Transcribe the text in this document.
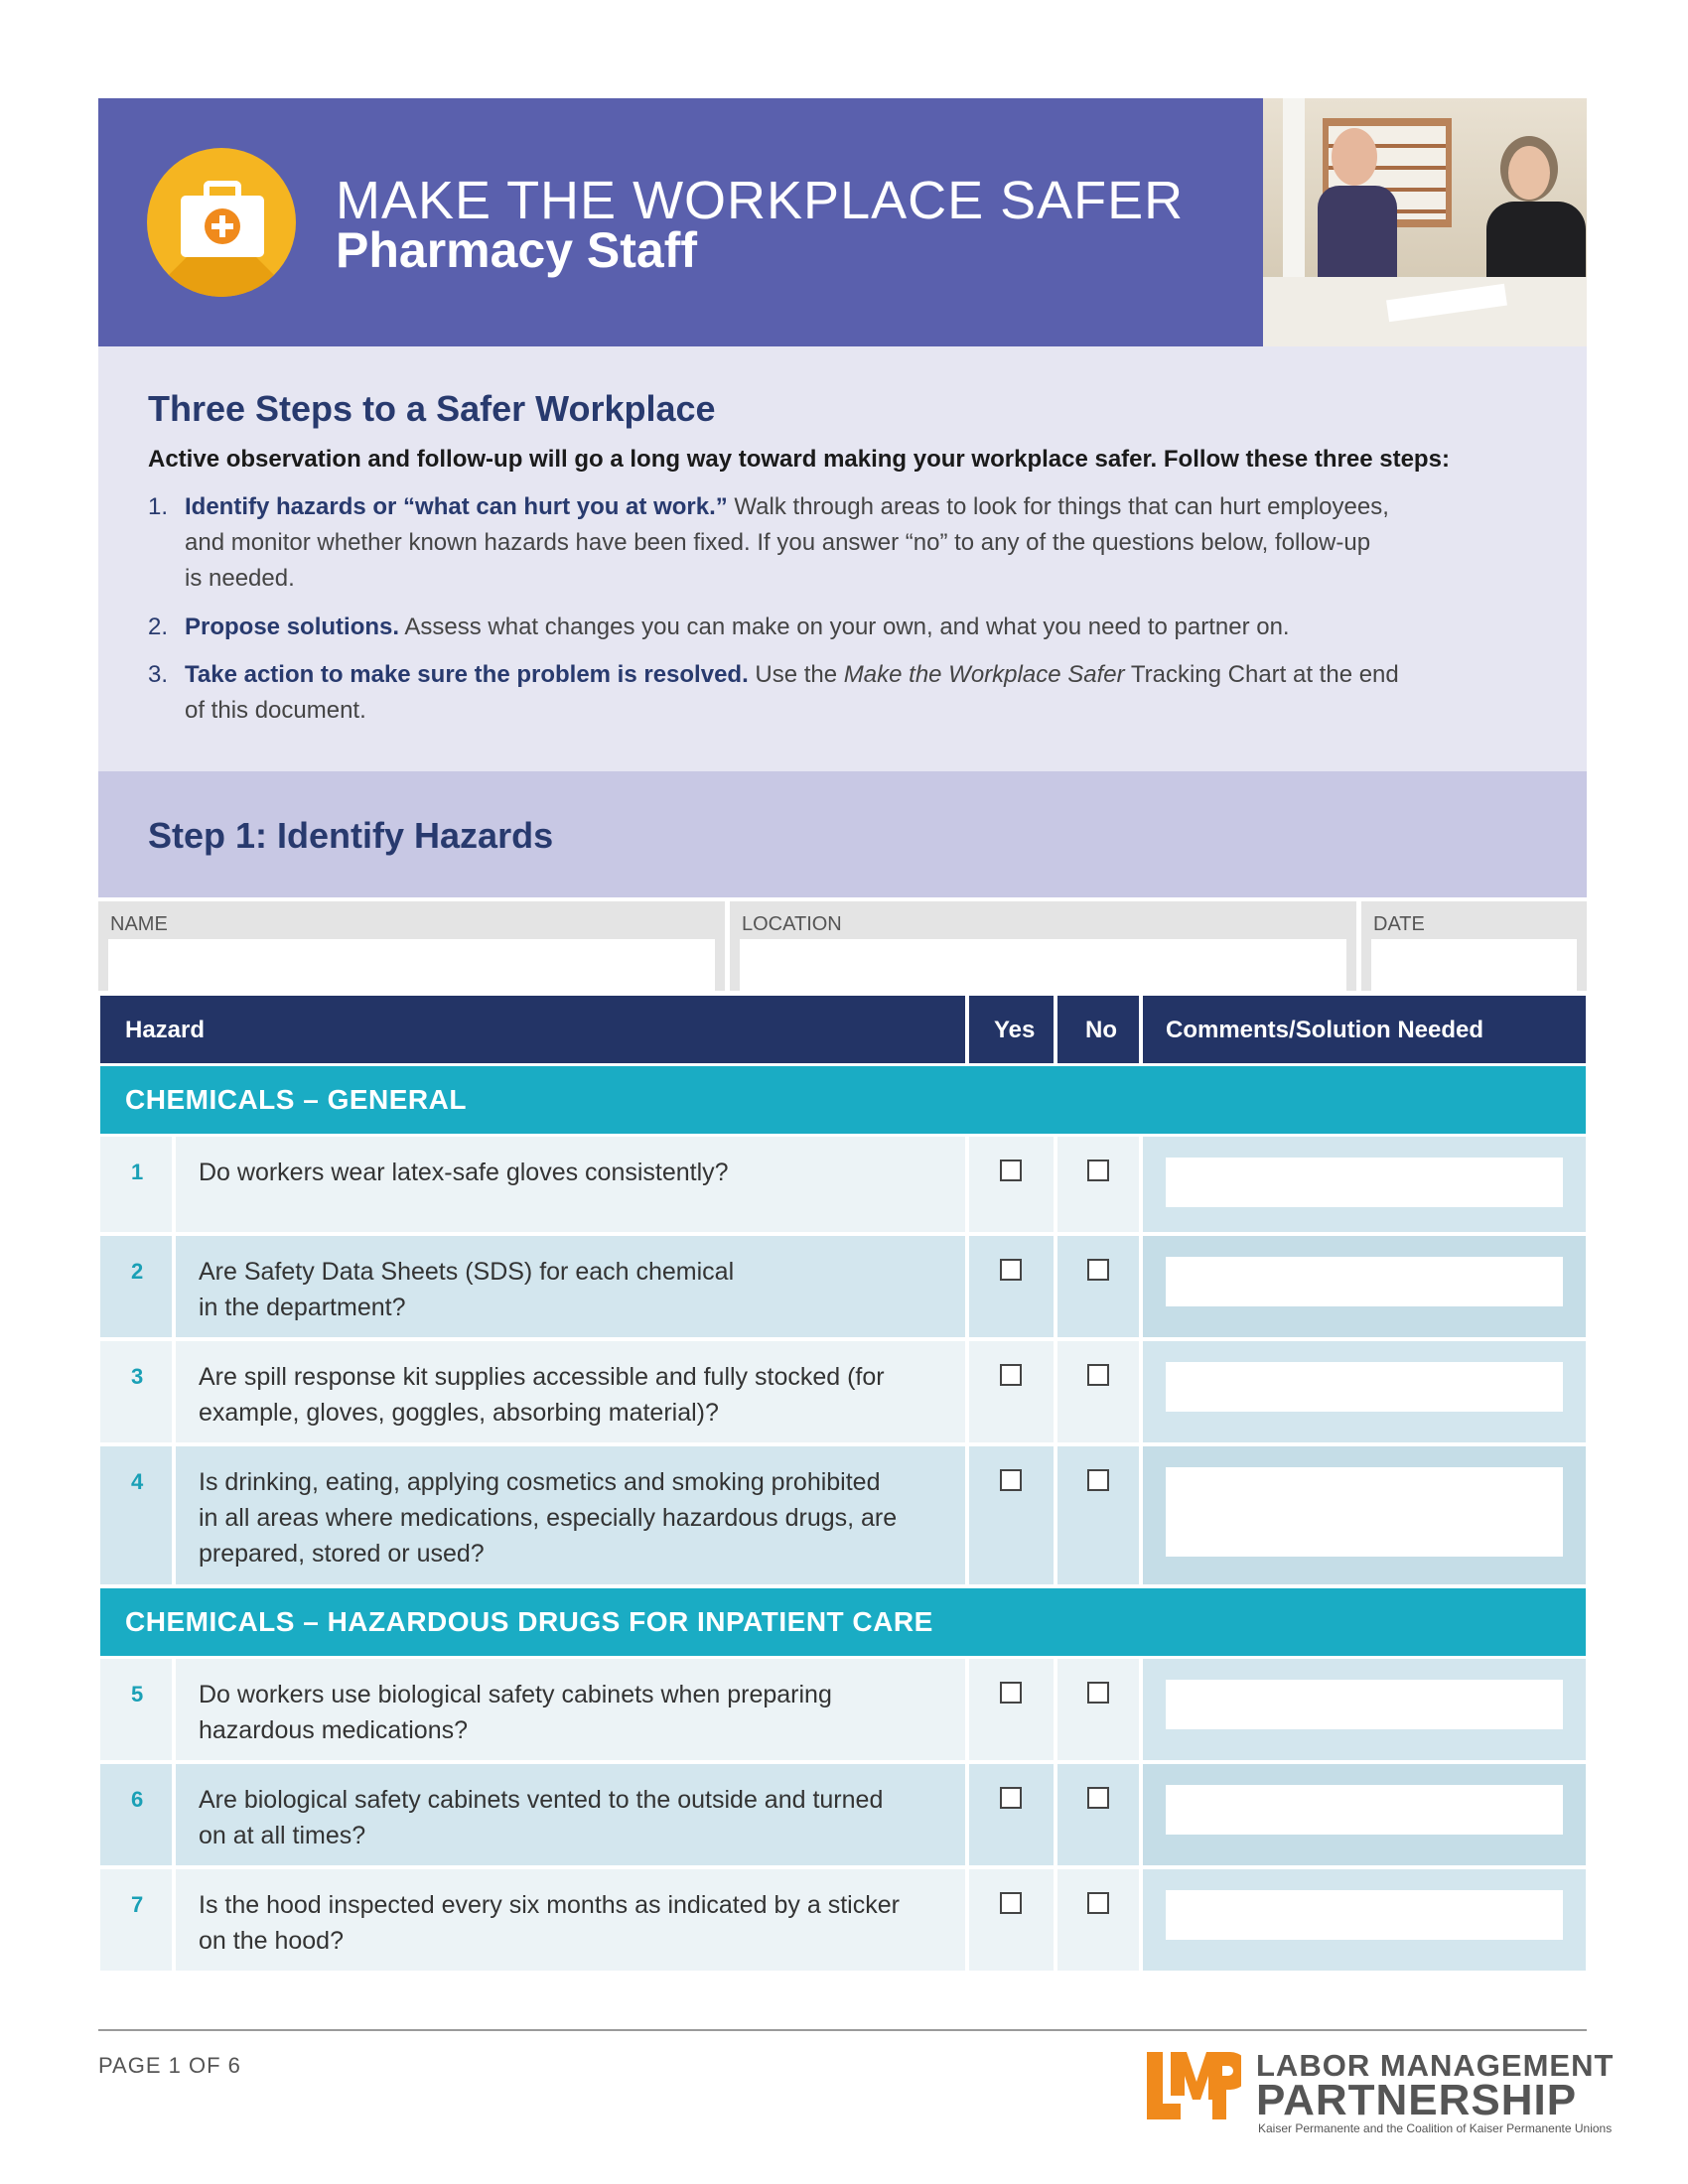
MAKE THE WORKPLACE SAFER
Pharmacy Staff
Three Steps to a Safer Workplace
Active observation and follow-up will go a long way toward making your workplace safer. Follow these three steps:
1. Identify hazards or “what can hurt you at work.” Walk through areas to look for things that can hurt employees,
and monitor whether known hazards have been fixed. If you answer “no” to any of the questions below, follow-up
is needed.
2. Propose solutions. Assess what changes you can make on your own, and what you need to partner on.
3. Take action to make sure the problem is resolved. Use the Make the Workplace Safer Tracking Chart at the end
of this document.
Step 1: Identify Hazards
NAME	LOCATION	DATE
Hazard	Yes No Comments/Solution Needed
CHEMICALS – GENERAL
1 Do workers wear latex-safe gloves consistently?
2 Are Safety Data Sheets (SDS) for each chemical
in the department?
3 Are spill response kit supplies accessible and fully stocked (for
example, gloves, goggles, absorbing material)?
4 Is drinking, eating, applying cosmetics and smoking prohibited
in all areas where medications, especially hazardous drugs, are
prepared, stored or used?
CHEMICALS – HAZARDOUS DRUGS FOR INPATIENT CARE
5 Do workers use biological safety cabinets when preparing
hazardous medications?
6 Are biological safety cabinets vented to the outside and turned
on at all times?
7 Is the hood inspected every six months as indicated by a sticker
on the hood?
PAGE 1 OF 6	LABOR MANAGEMENT
PARTNERSHIP
Kaiser Permanente and the Coalition of Kaiser Permanente Unions
